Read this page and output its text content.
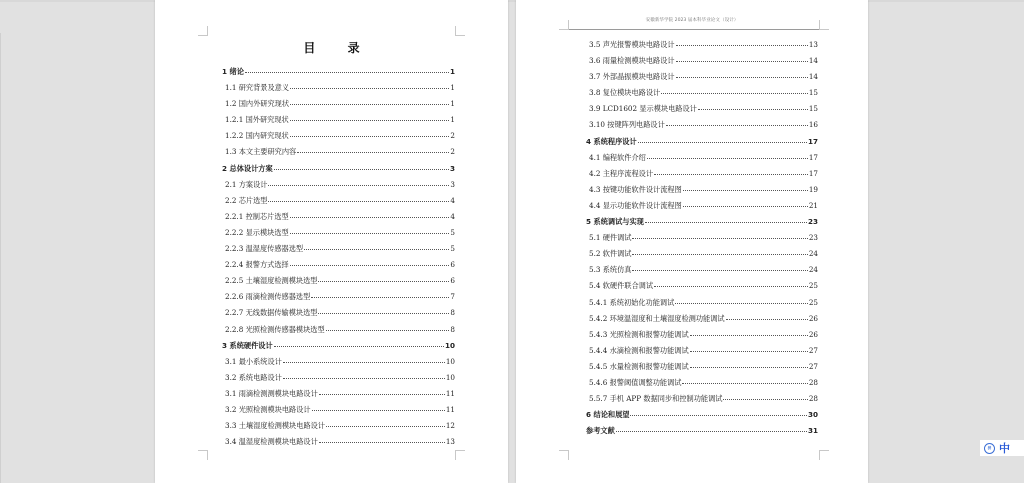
目 录
1 绪论	1
1.1 研究背景及意义	1
1.2 国内外研究现状	1
1.2.1 国外研究现状	1
1.2.2 国内研究现状	2
1.3 本文主要研究内容	2
2 总体设计方案	3
2.1 方案设计	3
2.2 芯片选型	4
2.2.1 控制芯片选型	4
2.2.2 显示模块选型	5
2.2.3 温湿度传感器选型	5
2.2.4 报警方式选择	6
2.2.5 土壤湿度检测模块选型	6
2.2.6 雨滴检测传感器选型	7
2.2.7 无线数据传输模块选型	8
2.2.8 光照检测传感器模块选型	8
3 系统硬件设计	10
3.1 最小系统设计	10
3.2 系统电路设计	10
3.1 雨滴检测测模块电路设计	11
3.2 光照检测模块电路设计	11
3.3 土壤湿度检测模块电路设计	12
3.4 温湿度检测模块电路设计	13
安徽新华学院 2023 届本科毕业论文（设计）
3.5 声光报警模块电路设计	13
3.6 雨量检测模块电路设计	14
3.7 外部晶振模块电路设计	14
3.8 复位模块电路设计	15
3.9 LCD1602 显示模块电路设计	15
3.10 按键阵列电路设计	16
4 系统程序设计	17
4.1 编程软件介绍	17
4.2 主程序流程设计	17
4.3 按键功能软件设计流程图	19
4.4 显示功能软件设计流程图	21
5 系统调试与实现	23
5.1 硬件调试	23
5.2 软件调试	24
5.3 系统仿真	24
5.4 软硬件联合调试	25
5.4.1 系统初始化功能调试	25
5.4.2 环境温湿度和土壤湿度检测功能调试	26
5.4.3 光照检测和报警功能调试	26
5.4.4 水滴检测和报警功能调试	27
5.4.5 水量检测和报警功能调试	27
5.4.6 报警阈值调整功能调试	28
5.5.7 手机 APP 数据同步和控制功能调试	28
6 结论和展望	30
参考文献	31
拼 中
